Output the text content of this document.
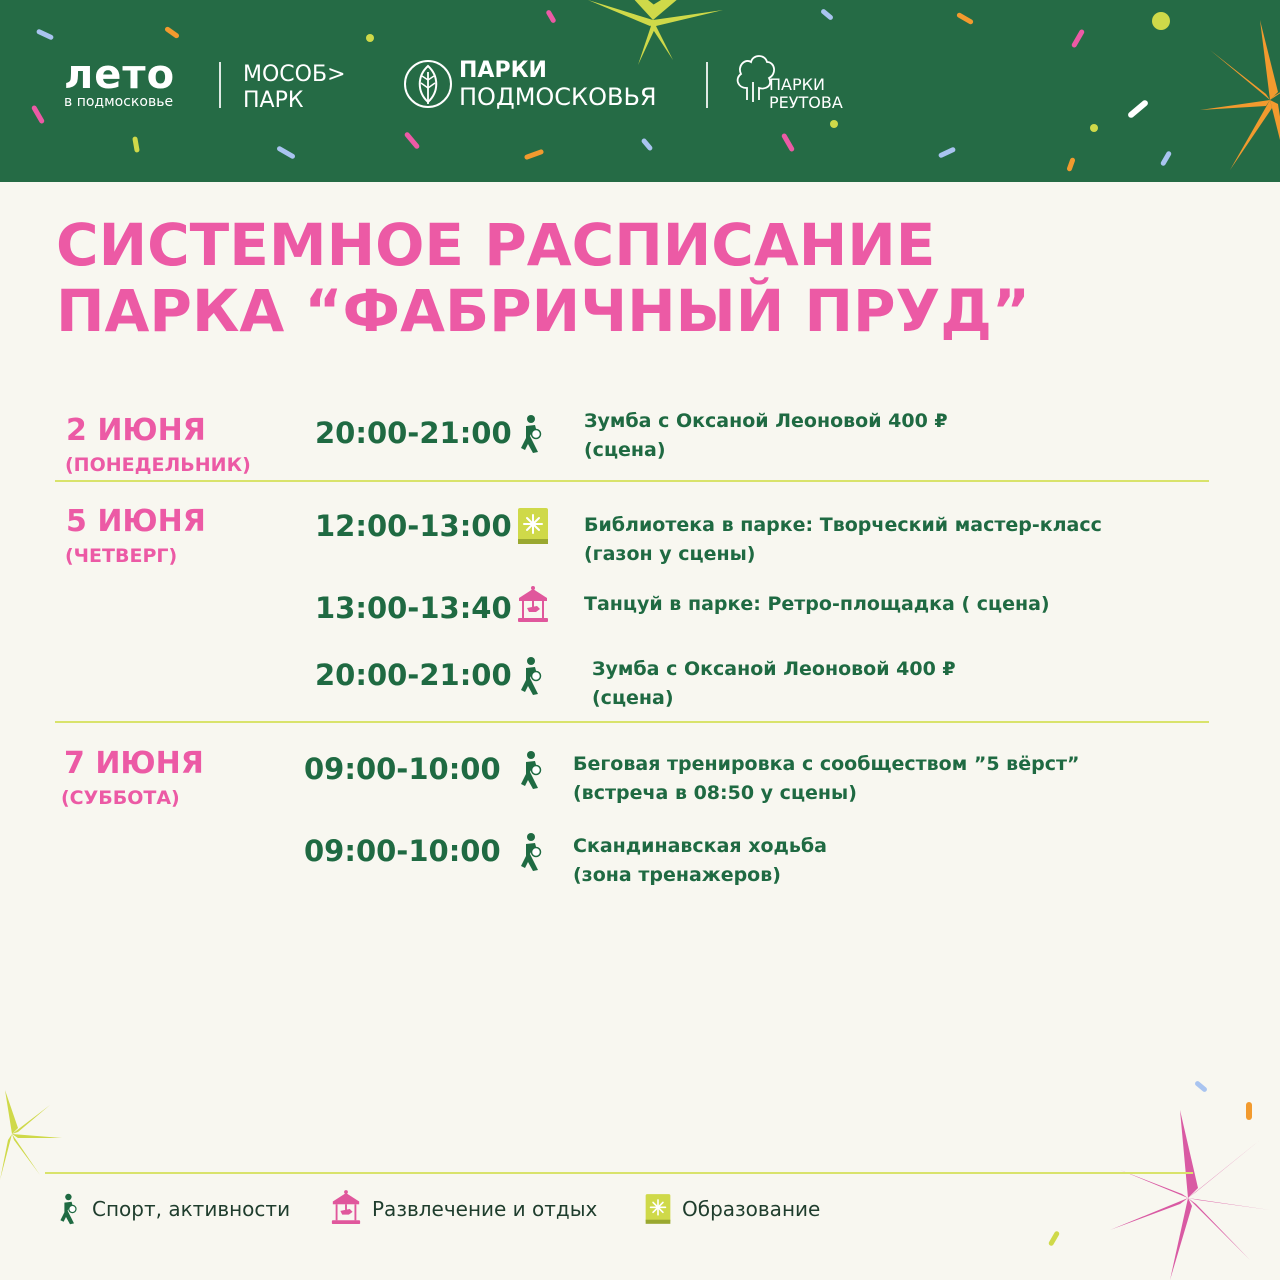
лето
в подмосковье
МОСОБ>
ПАРК
ПАРКИ
ПОДМОСКОВЬЯ	ПАРКИ
РЕУТОВА
СИСТЕМНОЕ РАСПИСАНИЕ
ПАРКА “ФАБРИЧНЫЙ ПРУД”
2 ИЮНЯ
(ПОНЕДЕЛЬНИК)
20:00-21:00	Зумба с Оксаной Леоновой 400 ₽
(сцена)
5 ИЮНЯ
(ЧЕТВЕРГ)
12:00-13:00	Библиотека в парке: Творческий мастер-класс
(газон у сцены)
13:00-13:40	Танцуй в парке: Ретро-площадка ( сцена)
20:00-21:00	Зумба с Оксаной Леоновой 400 ₽
(сцена)
7 ИЮНЯ
(СУББОТА)
09:00-10:00	Беговая тренировка с сообществом ”5 вёрст”
(встреча в 08:50 у сцены)
09:00-10:00	Скандинавская ходьба
(зона тренажеров)
Спорт, активности	Развлечение и отдых	Образование
